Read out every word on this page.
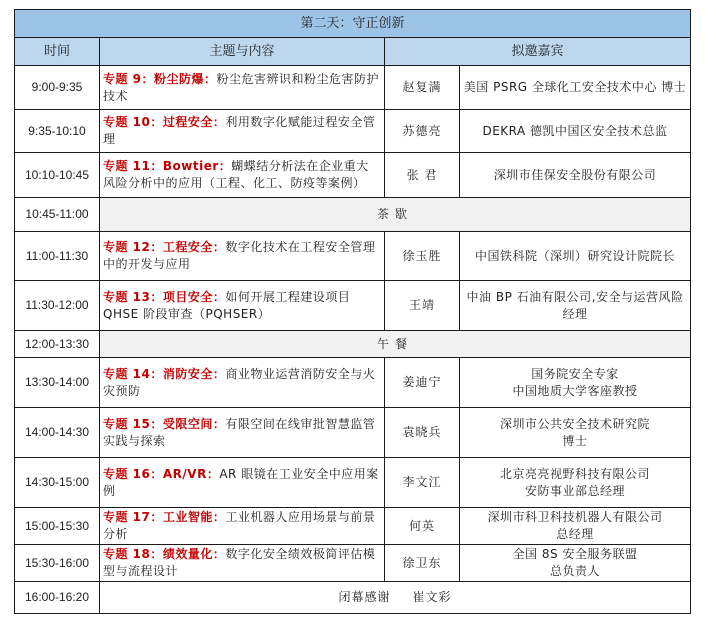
第二天：守正创新			
时间	主题与内容	拟邀嘉宾	
9:00-9:35	专题 9：粉尘防爆：粉尘危害辨识和粉尘危害防护技术	赵复满	美国 PSRG 全球化工安全技术中心 博士

9:35-10:10	专题 10：过程安全：利用数字化赋能过程安全管理	苏德亮	DEKRA 德凯中国区安全技术总监

10:10-10:45	专题 11：Bowtier：蝴蝶结分析法在企业重大风险分析中的应用（工程、化工、防疫等案例）	张 君	深圳市佳保安全股份有限公司

10:45-11:00	茶歇		
11:00-11:30	专题 12：工程安全：数字化技术在工程安全管理中的开发与应用	徐玉胜	中国铁科院（深圳）研究设计院院长

11:30-12:00	专题 13：项目安全：如何开展工程建设项目 QHSE 阶段审查（PQHSER）	王靖	中油 BP 石油有限公司,安全与运营风险经理

12:00-13:30	午餐		
13:30-14:00	专题 14：消防安全：商业物业运营消防安全与火灾预防	姜迪宁	国务院安全专家
中国地质大学客座教授

14:00-14:30	专题 15：受限空间：有限空间在线审批智慧监管实践与探索	袁晓兵	深圳市公共安全技术研究院
博士

14:30-15:00	专题 16：AR/VR：AR 眼镜在工业安全中应用案例	李文江	北京亮亮视野科技有限公司
安防事业部总经理

15:00-15:30	专题 17：工业智能：工业机器人应用场景与前景分析	何英	深圳市科卫科技机器人有限公司
总经理

15:30-16:00	专题 18：绩效量化：数字化安全绩效极简评估模型与流程设计	徐卫东	全国 8S 安全服务联盟
总负责人

16:00-16:20	闭幕感谢 崔文彩		
